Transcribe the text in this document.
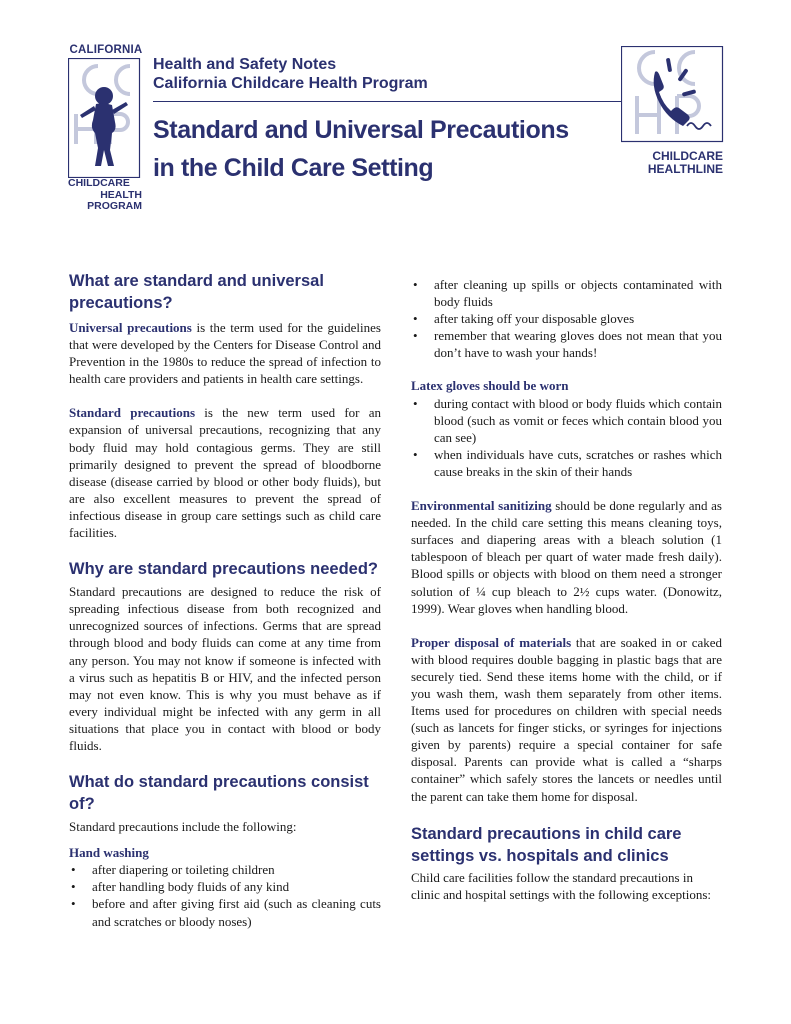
CALIFORNIA
CHILDCARE
HEALTH
PROGRAM
Health and Safety Notes
California Childcare Health Program
Standard and Universal Precautions
in the Child Care Setting	CHILDCARE
HEALTHLINE
What are standard and universal precautions?

Universal precautions is the term used for the guidelines that were developed by the Centers for Disease Control and Prevention in the 1980s to reduce the spread of infection to health care providers and patients in health care settings.

Standard precautions is the new term used for an expansion of universal precautions, recognizing that any body fluid may hold contagious germs. They are still primarily designed to prevent the spread of bloodborne disease (disease carried by blood or other body fluids), but are also excellent measures to prevent the spread of infectious disease in group care settings such as child care facilities.

Why are standard precautions needed?

Standard precautions are designed to reduce the risk of spreading infectious disease from both recognized and unrecognized sources of infections. Germs that are spread through blood and body fluids can come at any time from any person. You may not know if someone is infected with a virus such as hepatitis B or HIV, and the infected person may not even know. This is why you must behave as if every individual might be infected with any germ in all situations that place you in contact with blood or body fluids.

What do standard precautions consist of?

Standard precautions include the following:

Hand washing
• after diapering or toileting children
• after handling body fluids of any kind
• before and after giving first aid (such as cleaning cuts and scratches or bloody noses)
• after cleaning up spills or objects contaminated with body fluids
• after taking off your disposable gloves
• remember that wearing gloves does not mean that you don’t have to wash your hands!
Latex gloves should be worn
• during contact with blood or body fluids which contain blood (such as vomit or feces which contain blood you can see)
• when individuals have cuts, scratches or rashes which cause breaks in the skin of their hands

Environmental sanitizing should be done regularly and as needed. In the child care setting this means cleaning toys, surfaces and diapering areas with a bleach solution (1 tablespoon of bleach per quart of water made fresh daily). Blood spills or objects with blood on them need a stronger solution of ¼ cup bleach to 2½ cups water. (Donowitz, 1999). Wear gloves when handling blood.

Proper disposal of materials that are soaked in or caked with blood requires double bagging in plastic bags that are securely tied. Send these items home with the child, or if you wash them, wash them separately from other items. Items used for procedures on children with special needs (such as lancets for finger sticks, or syringes for injections given by parents) require a special container for safe disposal. Parents can provide what is called a “sharps container” which safely stores the lancets or needles until the parent can take them home for disposal.

Standard precautions in child care settings vs. hospitals and clinics

Child care facilities follow the standard precautions in clinic and hospital settings with the following exceptions:
